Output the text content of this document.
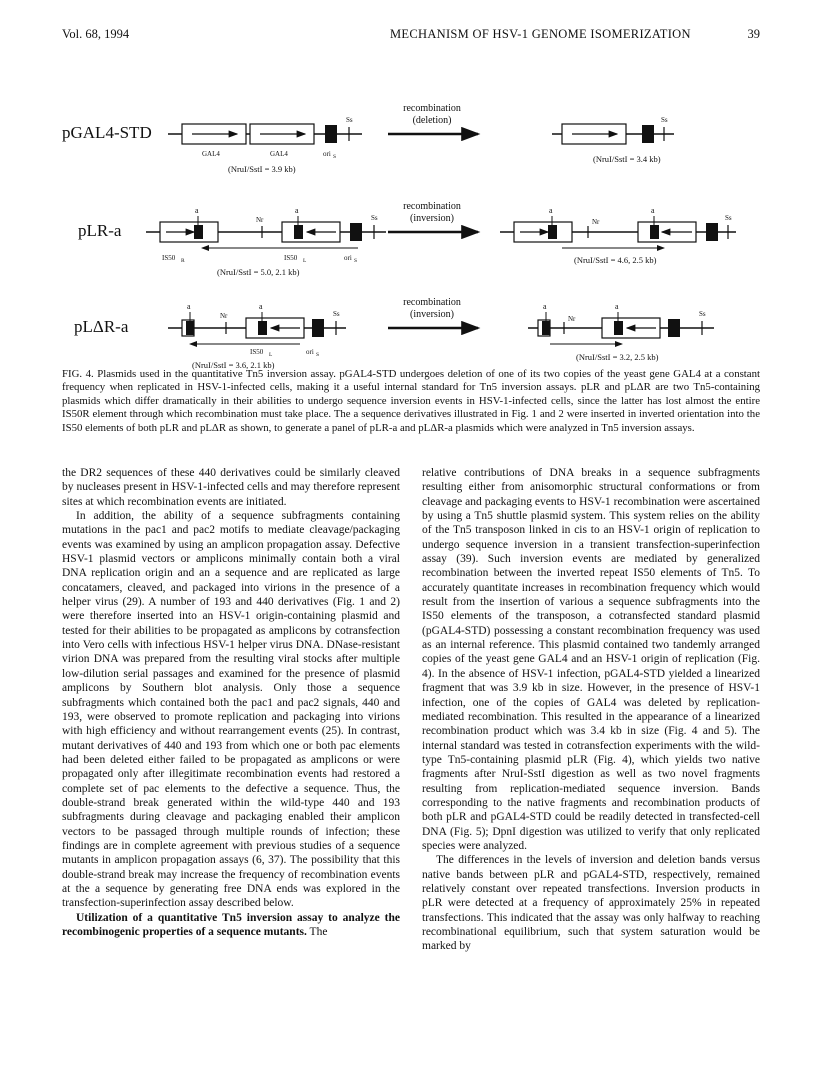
Vol. 68, 1994	MECHANISM OF HSV-1 GENOME ISOMERIZATION	39
pGAL4-STD
GAL4	GAL4	ori S
Ss
(NruI/SstI = 3.9 kb)
recombination
(deletion)	Ss
(NruI/SstI = 3.4 kb)
pLR-a
a
Nr
a
Ss
IS50 R	IS50 L	ori S
(NruI/SstI = 5.0, 2.1 kb)
recombination
(inversion)
a
Nr
a
Ss
(NruI/SstI = 4.6, 2.5 kb)
pLΔR-a
a
Nr
a
Ss
IS50 L	ori S
(NruI/SstI = 3.6, 2.1 kb)
recombination
(inversion)
a
Nr
a
Ss
(NruI/SstI = 3.2, 2.5 kb)
FIG. 4. Plasmids used in the quantitative Tn5 inversion assay. pGAL4-STD undergoes deletion of one of its two copies of the yeast gene GAL4 at a constant frequency when replicated in HSV-1-infected cells, making it a useful internal standard for Tn5 inversion assays. pLR and pLΔR are two Tn5-containing plasmids which differ dramatically in their abilities to undergo sequence inversion events in HSV-1-infected cells, since the latter has lost almost the entire IS50R element through which recombination must take place. The a sequence derivatives illustrated in Fig. 1 and 2 were inserted in inverted orientation into the IS50 elements of both pLR and pLΔR as shown, to generate a panel of pLR-a and pLΔR-a plasmids which were analyzed in Tn5 inversion assays.

the DR2 sequences of these 440 derivatives could be similarly cleaved by nucleases present in HSV-1-infected cells and may therefore represent sites at which recombination events are initiated.

In addition, the ability of a sequence subfragments containing mutations in the pac1 and pac2 motifs to mediate cleavage/packaging events was examined by using an amplicon propagation assay. Defective HSV-1 plasmid vectors or amplicons minimally contain both a viral DNA replication origin and an a sequence and are replicated as large concatamers, cleaved, and packaged into virions in the presence of a helper virus (29). A number of 193 and 440 derivatives (Fig. 1 and 2) were therefore inserted into an HSV-1 origin-containing plasmid and tested for their abilities to be propagated as amplicons by cotransfection into Vero cells with infectious HSV-1 helper virus DNA. DNase-resistant virion DNA was prepared from the resulting viral stocks after multiple low-dilution serial passages and examined for the presence of plasmid amplicons by Southern blot analysis. Only those a sequence subfragments which contained both the pac1 and pac2 signals, 440 and 193, were observed to promote replication and packaging into virions with high efficiency and without rearrangement events (25). In contrast, mutant derivatives of 440 and 193 from which one or both pac elements had been deleted either failed to be propagated as amplicons or were propagated only after illegitimate recombination events had restored a complete set of pac elements to the defective a sequence. Thus, the double-strand break generated within the wild-type 440 and 193 subfragments during cleavage and packaging enabled their amplicon vectors to be passaged through multiple rounds of infection; these findings are in complete agreement with previous studies of a sequence mutants in amplicon propagation assays (6, 37). The possibility that this double-strand break may increase the frequency of recombination events at the a sequence by generating free DNA ends was explored in the transfection-superinfection assay described below.

Utilization of a quantitative Tn5 inversion assay to analyze the recombinogenic properties of a sequence mutants. The

relative contributions of DNA breaks in a sequence subfragments resulting either from anisomorphic structural conformations or from cleavage and packaging events to HSV-1 recombination were ascertained by using a Tn5 shuttle plasmid system. This system relies on the ability of the Tn5 transposon linked in cis to an HSV-1 origin of replication to undergo sequence inversion in a transient transfection-superinfection assay (39). Such inversion events are mediated by generalized recombination between the inverted repeat IS50 elements of Tn5. To accurately quantitate increases in recombination frequency which would result from the insertion of various a sequence subfragments into the IS50 elements of the transposon, a cotransfected standard plasmid (pGAL4-STD) possessing a constant recombination frequency was used as an internal reference. This plasmid contained two tandemly arranged copies of the yeast gene GAL4 and an HSV-1 origin of replication (Fig. 4). In the absence of HSV-1 infection, pGAL4-STD yielded a linearized fragment that was 3.9 kb in size. However, in the presence of HSV-1 infection, one of the copies of GAL4 was deleted by replication-mediated recombination. This resulted in the appearance of a linearized recombination product which was 3.4 kb in size (Fig. 4 and 5). The internal standard was tested in cotransfection experiments with the wild-type Tn5-containing plasmid pLR (Fig. 4), which yields two native fragments after NruI-SstI digestion as well as two novel fragments resulting from replication-mediated sequence inversion. Bands corresponding to the native fragments and recombination products of both pLR and pGAL4-STD could be readily detected in transfected-cell DNA (Fig. 5); DpnI digestion was utilized to verify that only replicated species were analyzed.

The differences in the levels of inversion and deletion bands versus native bands between pLR and pGAL4-STD, respectively, remained relatively constant over repeated transfections. Inversion products in pLR were detected at a frequency of approximately 25% in repeated transfections. This indicated that the assay was only halfway to reaching recombinational equilibrium, such that system saturation would be marked by
